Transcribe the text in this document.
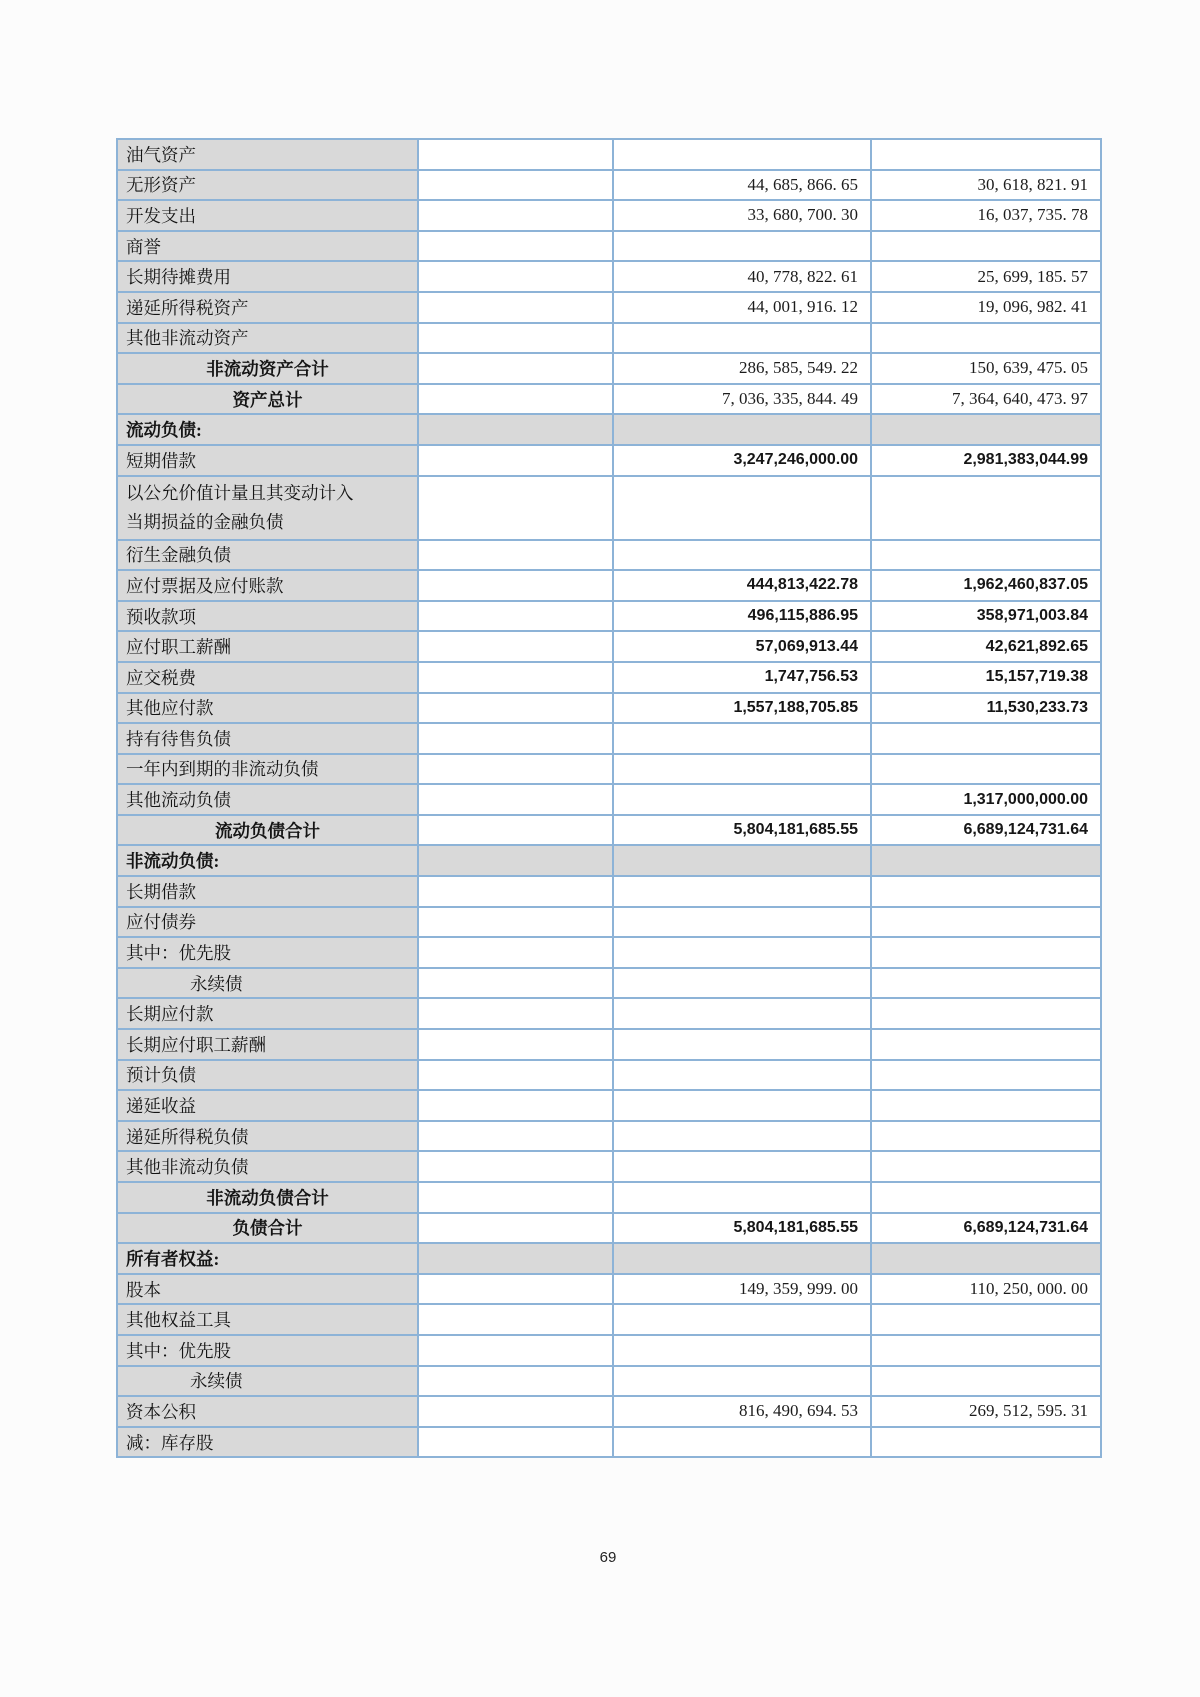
油气资产			
无形资产		44, 685, 866. 65	30, 618, 821. 91
开发支出		33, 680, 700. 30	16, 037, 735. 78
商誉			
长期待摊费用		40, 778, 822. 61	25, 699, 185. 57
递延所得税资产		44, 001, 916. 12	19, 096, 982. 41
其他非流动资产			
非流动资产合计		286, 585, 549. 22	150, 639, 475. 05
资产总计		7, 036, 335, 844. 49	7, 364, 640, 473. 97
流动负债:			
短期借款		3,247,246,000.00	2,981,383,044.99

以公允价值计量且其变动计入
当期损益的金融负债			

衍生金融负债			
应付票据及应付账款		444,813,422.78	1,962,460,837.05
预收款项		496,115,886.95	358,971,003.84
应付职工薪酬		57,069,913.44	42,621,892.65
应交税费		1,747,756.53	15,157,719.38
其他应付款		1,557,188,705.85	11,530,233.73
持有待售负债			
一年内到期的非流动负债			
其他流动负债			1,317,000,000.00
流动负债合计		5,804,181,685.55	6,689,124,731.64
非流动负债:			
长期借款			
应付债券			
其中：优先股			
永续债			
长期应付款			
长期应付职工薪酬			
预计负债			
递延收益			
递延所得税负债			
其他非流动负债			
非流动负债合计			
负债合计		5,804,181,685.55	6,689,124,731.64
所有者权益:			
股本		149, 359, 999. 00	110, 250, 000. 00
其他权益工具			
其中：优先股			
永续债			
资本公积		816, 490, 694. 53	269, 512, 595. 31
减：库存股			
69
